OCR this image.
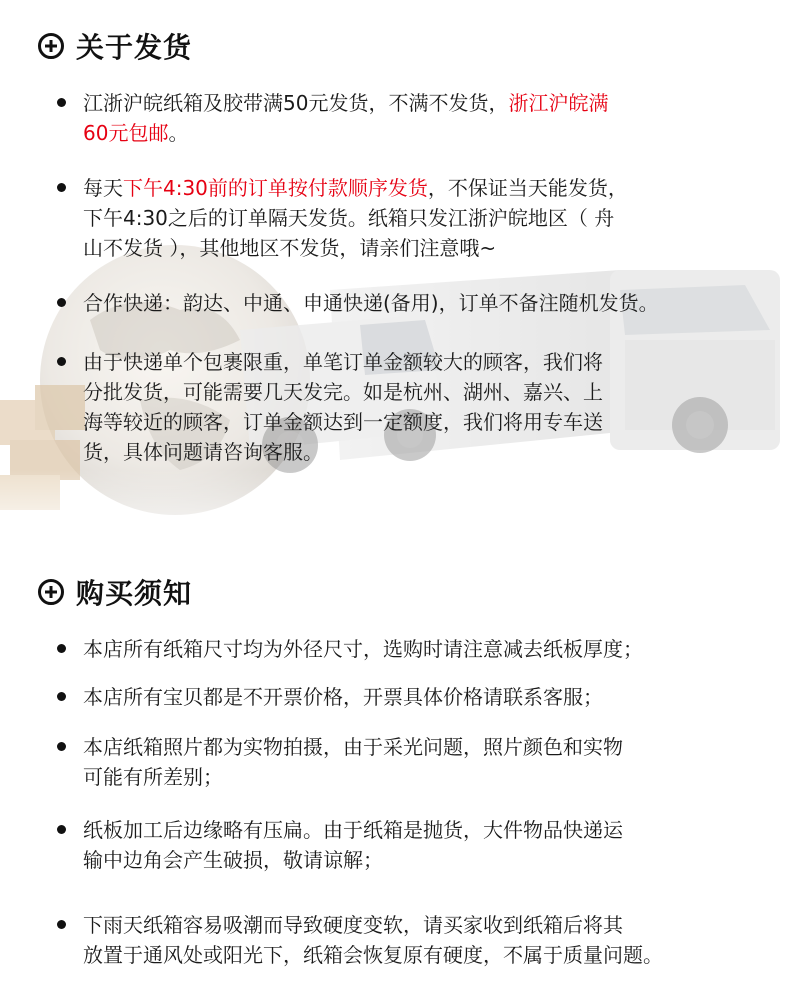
关于发货
江浙沪皖纸箱及胶带满50元发货，不满不发货，浙江沪皖满
60元包邮。
每天下午4:30前的订单按付款顺序发货，不保证当天能发货，
下午4:30之后的订单隔天发货。纸箱只发江浙沪皖地区（ 舟
山不发货 ），其他地区不发货，请亲们注意哦~
合作快递：韵达、中通、申通快递(备用)，订单不备注随机发货。
由于快递单个包裹限重，单笔订单金额较大的顾客，我们将
分批发货，可能需要几天发完。如是杭州、湖州、嘉兴、上
海等较近的顾客，订单金额达到一定额度，我们将用专车送
货，具体问题请咨询客服。
购买须知
本店所有纸箱尺寸均为外径尺寸，选购时请注意减去纸板厚度；
本店所有宝贝都是不开票价格，开票具体价格请联系客服；
本店纸箱照片都为实物拍摄，由于采光问题，照片颜色和实物
可能有所差别；
纸板加工后边缘略有压扁。由于纸箱是抛货，大件物品快递运
输中边角会产生破损，敬请谅解；
下雨天纸箱容易吸潮而导致硬度变软，请买家收到纸箱后将其
放置于通风处或阳光下，纸箱会恢复原有硬度，不属于质量问题。
